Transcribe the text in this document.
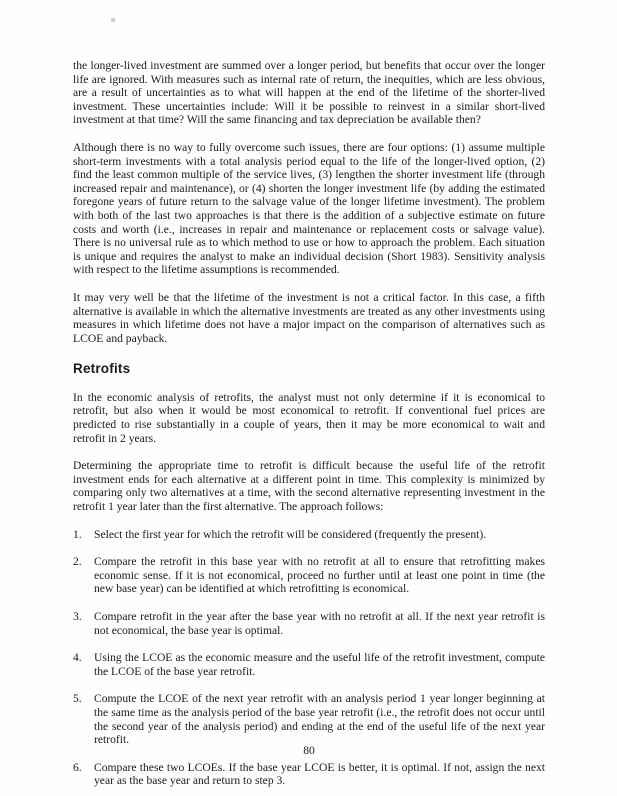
the longer-lived investment are summed over a longer period, but benefits that occur over the longer life are ignored. With measures such as internal rate of return, the inequities, which are less obvious, are a result of uncertainties as to what will happen at the end of the lifetime of the shorter-lived investment. These uncertainties include: Will it be possible to reinvest in a similar short-lived investment at that time? Will the same financing and tax depreciation be available then?

Although there is no way to fully overcome such issues, there are four options: (1) assume multiple short-term investments with a total analysis period equal to the life of the longer-lived option, (2) find the least common multiple of the service lives, (3) lengthen the shorter investment life (through increased repair and maintenance), or (4) shorten the longer investment life (by adding the estimated foregone years of future return to the salvage value of the longer lifetime investment). The problem with both of the last two approaches is that there is the addition of a subjective estimate on future costs and worth (i.e., increases in repair and maintenance or replacement costs or salvage value). There is no universal rule as to which method to use or how to approach the problem. Each situation is unique and requires the analyst to make an individual decision (Short 1983). Sensitivity analysis with respect to the lifetime assumptions is recommended.

It may very well be that the lifetime of the investment is not a critical factor. In this case, a fifth alternative is available in which the alternative investments are treated as any other investments using measures in which lifetime does not have a major impact on the comparison of alternatives such as LCOE and payback.

Retrofits

In the economic analysis of retrofits, the analyst must not only determine if it is economical to retrofit, but also when it would be most economical to retrofit. If conventional fuel prices are predicted to rise substantially in a couple of years, then it may be more economical to wait and retrofit in 2 years.

Determining the appropriate time to retrofit is difficult because the useful life of the retrofit investment ends for each alternative at a different point in time. This complexity is minimized by comparing only two alternatives at a time, with the second alternative representing investment in the retrofit 1 year later than the first alternative. The approach follows:

1.	Select the first year for which the retrofit will be considered (frequently the present).
2.	Compare the retrofit in this base year with no retrofit at all to ensure that retrofitting makes economic sense. If it is not economical, proceed no further until at least one point in time (the new base year) can be identified at which retrofitting is economical.
3.	Compare retrofit in the year after the base year with no retrofit at all. If the next year retrofit is not economical, the base year is optimal.
4.	Using the LCOE as the economic measure and the useful life of the retrofit investment, compute the LCOE of the base year retrofit.
5.	Compute the LCOE of the next year retrofit with an analysis period 1 year longer beginning at the same time as the analysis period of the base year retrofit (i.e., the retrofit does not occur until the second year of the analysis period) and ending at the end of the useful life of the next year retrofit.
6.	Compare these two LCOEs. If the base year LCOE is better, it is optimal. If not, assign the next year as the base year and return to step 3.
80
